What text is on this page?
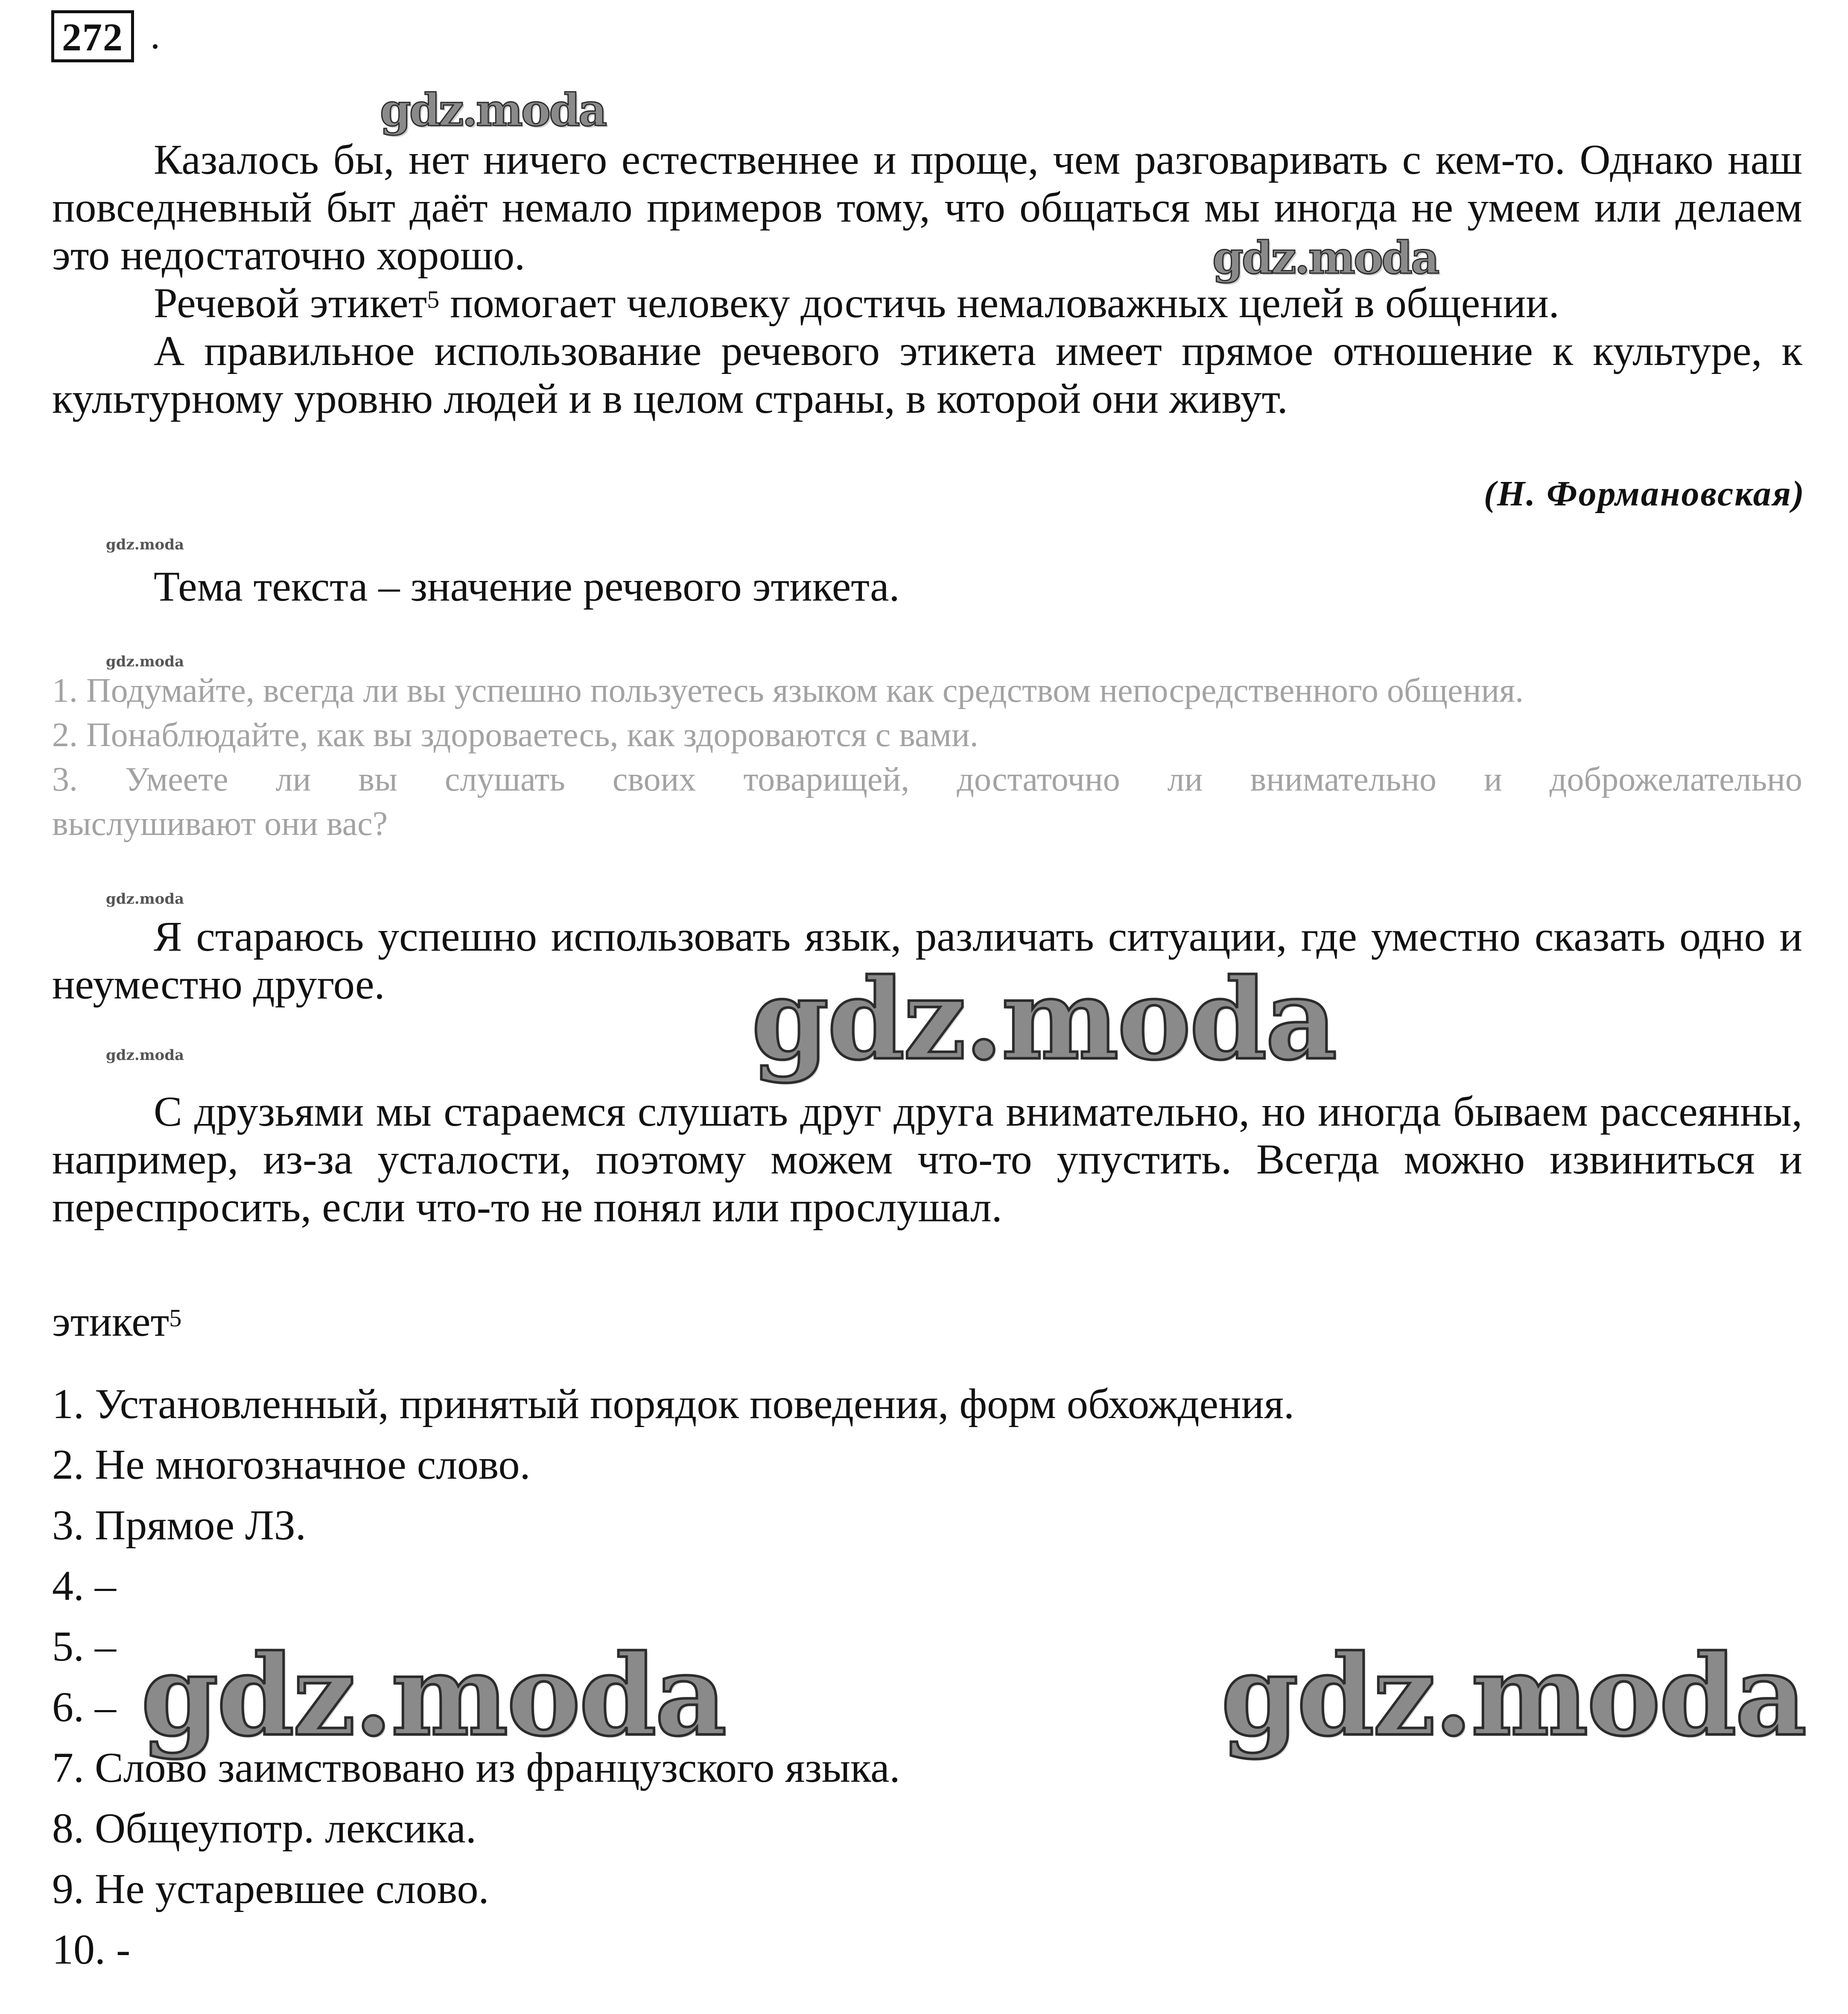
272 .
Казалось бы, нет ничего естественнее и проще, чем разговаривать с кем-то. Однако наш повседневный быт даёт немало примеров тому, что общаться мы иногда не умеем или делаем это недостаточно хорошо.
Речевой этикет$^5$ помогает человеку достичь немаловажных целей в общении.
А правильное использование речевого этикета имеет прямое отношение к культуре, к культурному уровню людей и в целом страны, в которой они живут.
(Н. Формановская)
Тема текста – значение речевого этикета.
1. Подумайте, всегда ли вы успешно пользуетесь языком как средством непосредственного общения.
2. Понаблюдайте, как вы здороваетесь, как здороваются с вами.
3. Умеете ли вы слушать своих товарищей, достаточно ли внимательно и доброжелательно
выслушивают они вас?
Я стараюсь успешно использовать язык, различать ситуации, где уместно сказать одно и неуместно другое.
С друзьями мы стараемся слушать друг друга внимательно, но иногда бываем рассеянны, например, из-за усталости, поэтому можем что-то упустить. Всегда можно извиниться и переспросить, если что-то не понял или прослушал.
этикет$^5$
1. Установленный, принятый порядок поведения, форм обхождения.
2. Не многозначное слово.
3. Прямое ЛЗ.
4. –
5. –
6. –
7. Слово заимствовано из французского языка.
8. Общеупотр. лексика.
9. Не устаревшее слово.
10. -
gdz.moda
gdz.moda
gdz.moda
gdz.moda
gdz.moda
gdz.moda	gdz.moda
gdz.moda	gdz.moda
